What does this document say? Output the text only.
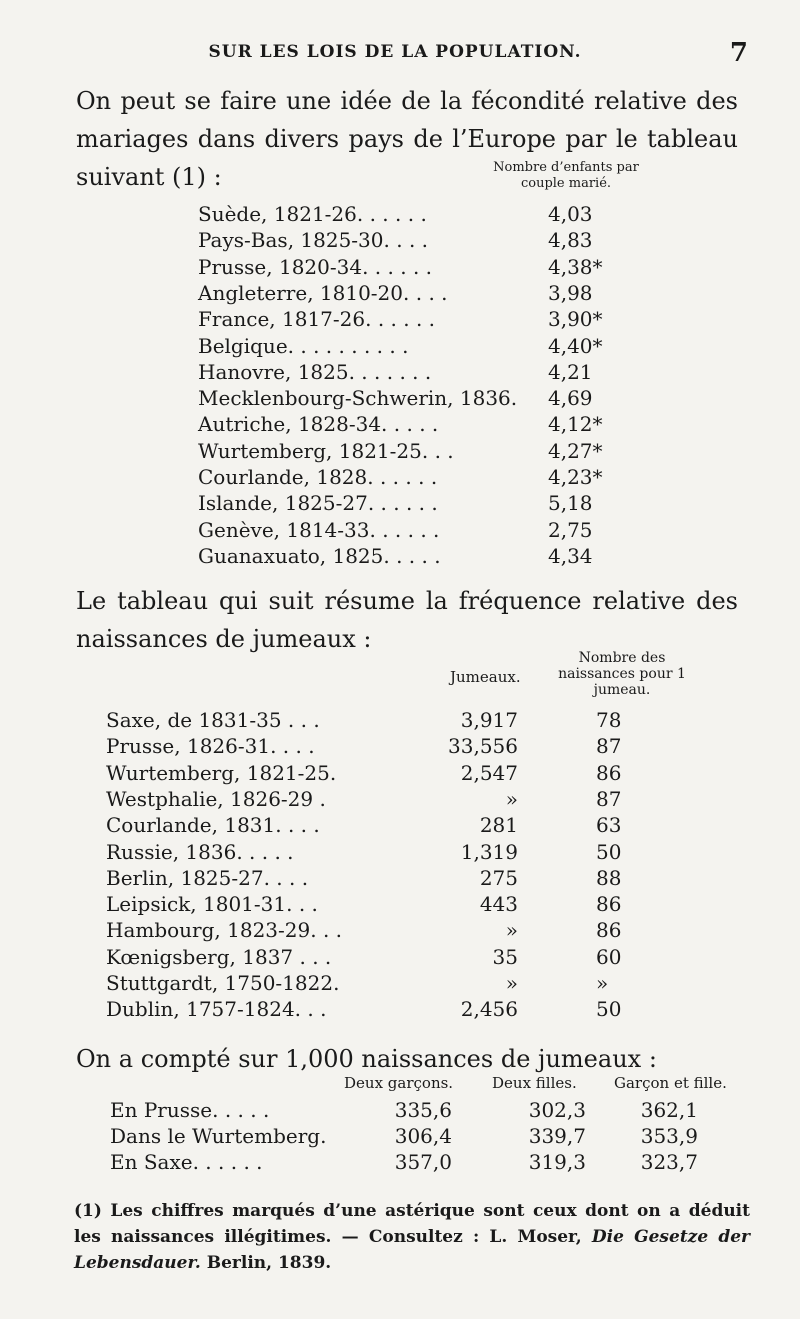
SUR LES LOIS DE LA POPULATION.	7
On peut se faire une idée de la fécondité relative des mariages dans divers pays de l’Europe par le tableau suivant (1) :	Nombre d’enfants par couple marié.
Suède, 1821-26. . . . . .	4,03
Pays-Bas, 1825-30. . . .	4,83
Prusse, 1820-34. . . . . .	4,38*
Angleterre, 1810-20. . . .	3,98
France, 1817-26. . . . . .	3,90*
Belgique. . . . . . . . . .	4,40*
Hanovre, 1825. . . . . . .	4,21
Mecklenbourg-Schwerin, 1836. 4,69
Autriche, 1828-34. . . . .	4,12*
Wurtemberg, 1821-25. . .	4,27*
Courlande, 1828. . . . . .	4,23*
Islande, 1825-27. . . . . .	5,18
Genève, 1814-33. . . . . .	2,75
Guanaxuato, 1825. . . . .	4,34
Le tableau qui suit résume la fréquence relative des naissances de jumeaux :
Jumeaux.
Nombre des naissances pour 1 jumeau.
Saxe, de 1831-35 . . .	3,917	78
Prusse, 1826-31. . . .	33,556	87
Wurtemberg, 1821-25.	2,547	86
Westphalie, 1826-29 .	»	87
Courlande, 1831. . . .	281	63
Russie, 1836. . . . .	1,319	50
Berlin, 1825-27. . . .	275	88
Leipsick, 1801-31. . .	443	86
Hambourg, 1823-29. . .	»	86
Kœnigsberg, 1837 . . .	35	60
Stuttgardt, 1750-1822.	»	»
Dublin, 1757-1824. . .	2,456	50
On a compté sur 1,000 naissances de jumeaux :
Deux garçons.	Deux filles. Garçon et fille.
En Prusse. . . . .	335,6	302,3	362,1
Dans le Wurtemberg.	306,4	339,7	353,9
En Saxe. . . . . .	357,0	319,3	323,7
(1) Les chiffres marqués d’une astérique sont ceux dont on a déduit les naissances illégitimes. — Consultez : L. Moser, Die Gesetze der Lebensdauer. Berlin, 1839.
